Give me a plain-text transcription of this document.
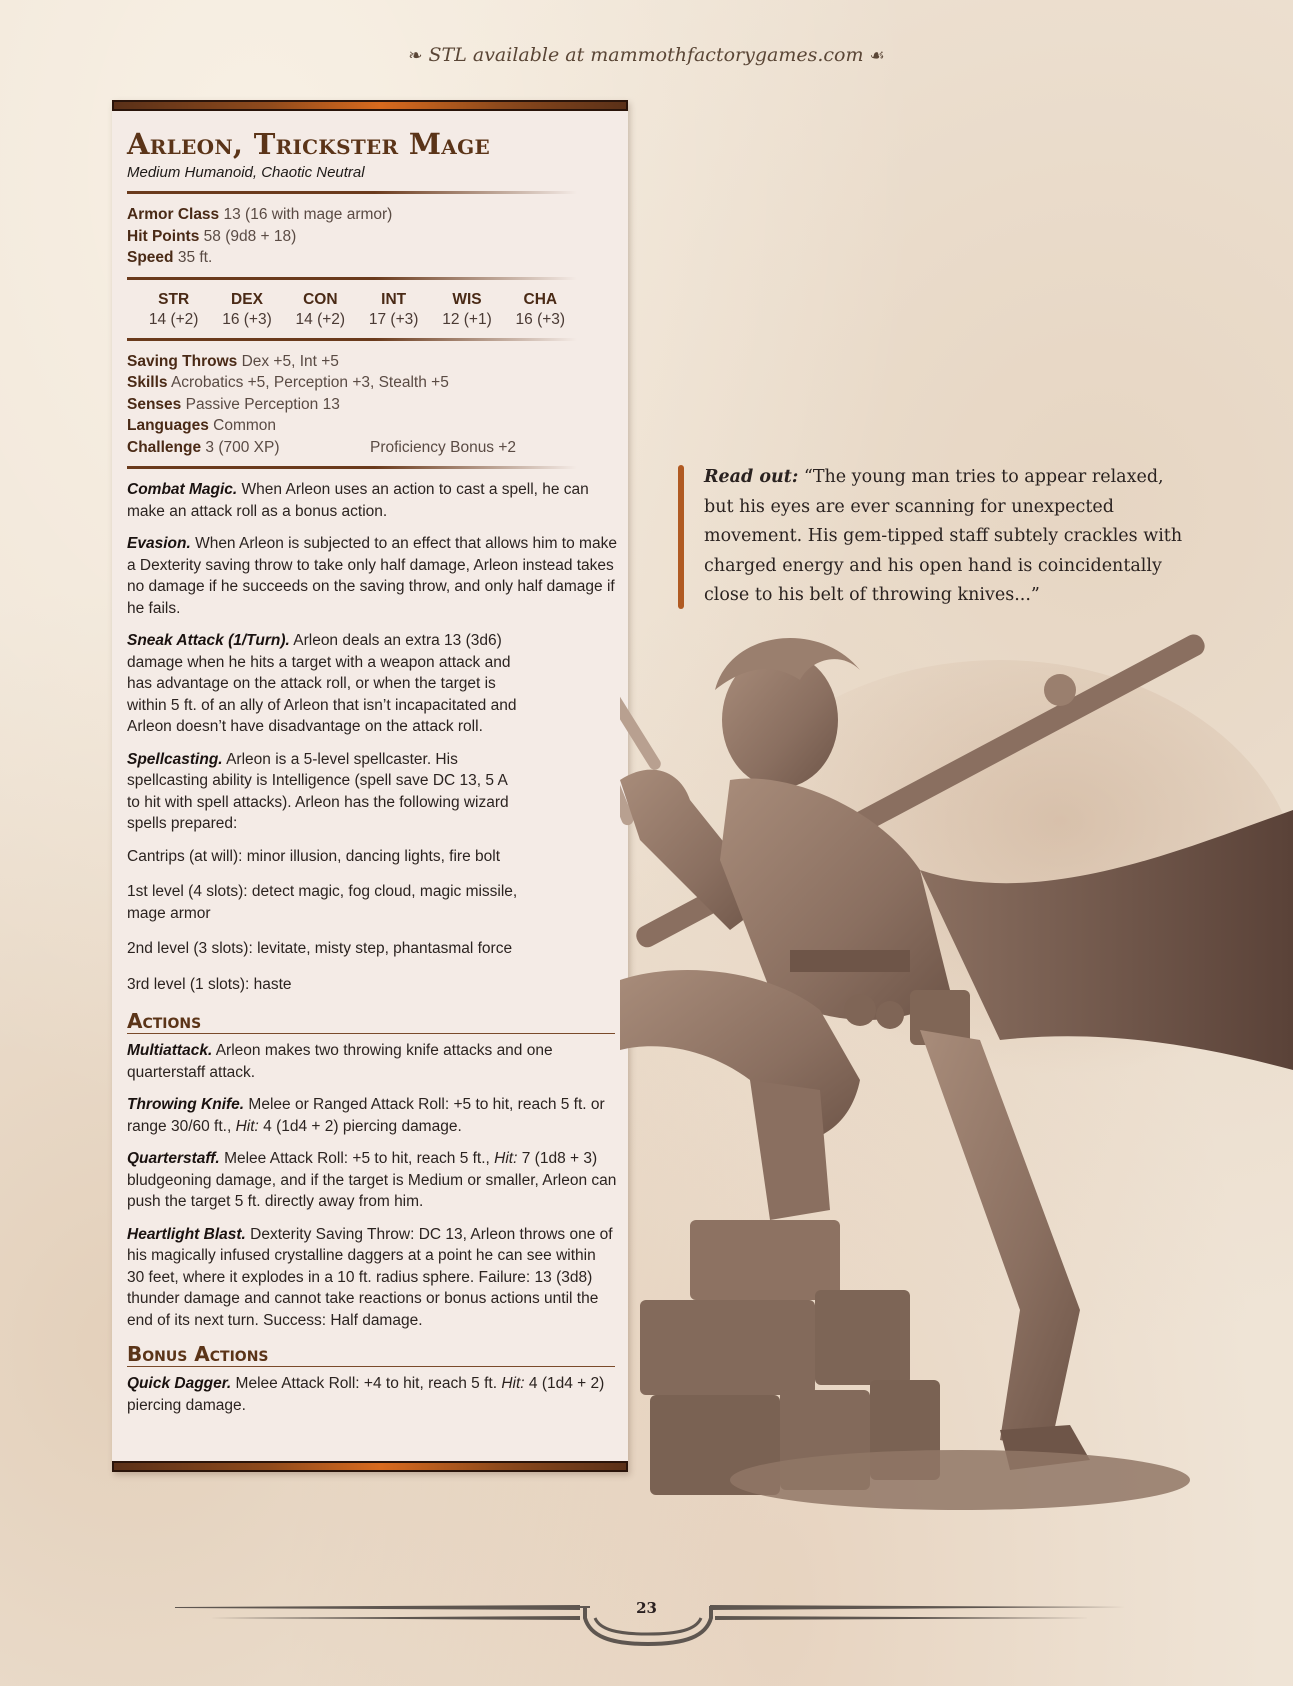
❧ STL available at mammothfactorygames.com ☙
Arleon, Trickster Mage
Medium Humanoid, Chaotic Neutral
Armor Class 13 (16 with mage armor)
Hit Points 58 (9d8 + 18)
Speed 35 ft.
STR
14 (+2)
DEX
16 (+3)
CON
14 (+2)
INT
17 (+3)
WIS
12 (+1)
CHA
16 (+3)
Saving Throws Dex +5, Int +5
Skills Acrobatics +5, Perception +3, Stealth +5
Senses Passive Perception 13
Languages Common
Challenge 3 (700 XP)	Proficiency Bonus +2
Combat Magic. When Arleon uses an action to cast a spell, he can make an attack roll as a bonus action.
Evasion. When Arleon is subjected to an effect that allows him to make a Dexterity saving throw to take only half damage, Arleon instead takes no damage if he succeeds on the saving throw, and only half damage if he fails.
Sneak Attack (1/Turn). Arleon deals an extra 13 (3d6) damage when he hits a target with a weapon attack and has advantage on the attack roll, or when the target is within 5 ft. of an ally of Arleon that isn’t incapacitated and Arleon doesn’t have disadvantage on the attack roll.
Spellcasting. Arleon is a 5-level spellcaster. His spellcasting ability is Intelligence (spell save DC 13, 5 A to hit with spell attacks). Arleon has the following wizard spells prepared:
Cantrips (at will): minor illusion, dancing lights, fire bolt
1st level (4 slots): detect magic, fog cloud, magic missile, mage armor
2nd level (3 slots): levitate, misty step, phantasmal force
3rd level (1 slots): haste
Actions
Multiattack. Arleon makes two throwing knife attacks and one quarterstaff attack.
Throwing Knife. Melee or Ranged Attack Roll: +5 to hit, reach 5 ft. or range 30/60 ft., Hit: 4 (1d4 + 2) piercing damage.
Quarterstaff. Melee Attack Roll: +5 to hit, reach 5 ft., Hit: 7 (1d8 + 3) bludgeoning damage, and if the target is Medium or smaller, Arleon can push the target 5 ft. directly away from him.
Heartlight Blast. Dexterity Saving Throw: DC 13, Arleon throws one of his magically infused crystalline daggers at a point he can see within 30 feet, where it explodes in a 10 ft. radius sphere. Failure: 13 (3d8) thunder damage and cannot take reactions or bonus actions until the end of its next turn. Success: Half damage.
Bonus Actions
Quick Dagger. Melee Attack Roll: +4 to hit, reach 5 ft. Hit: 4 (1d4 + 2) piercing damage.
Read out: “The young man tries to appear relaxed, but his eyes are ever scanning for unexpected movement. His gem-tipped staff subtely crackles with charged energy and his open hand is coincidentally close to his belt of throwing knives...”
23
